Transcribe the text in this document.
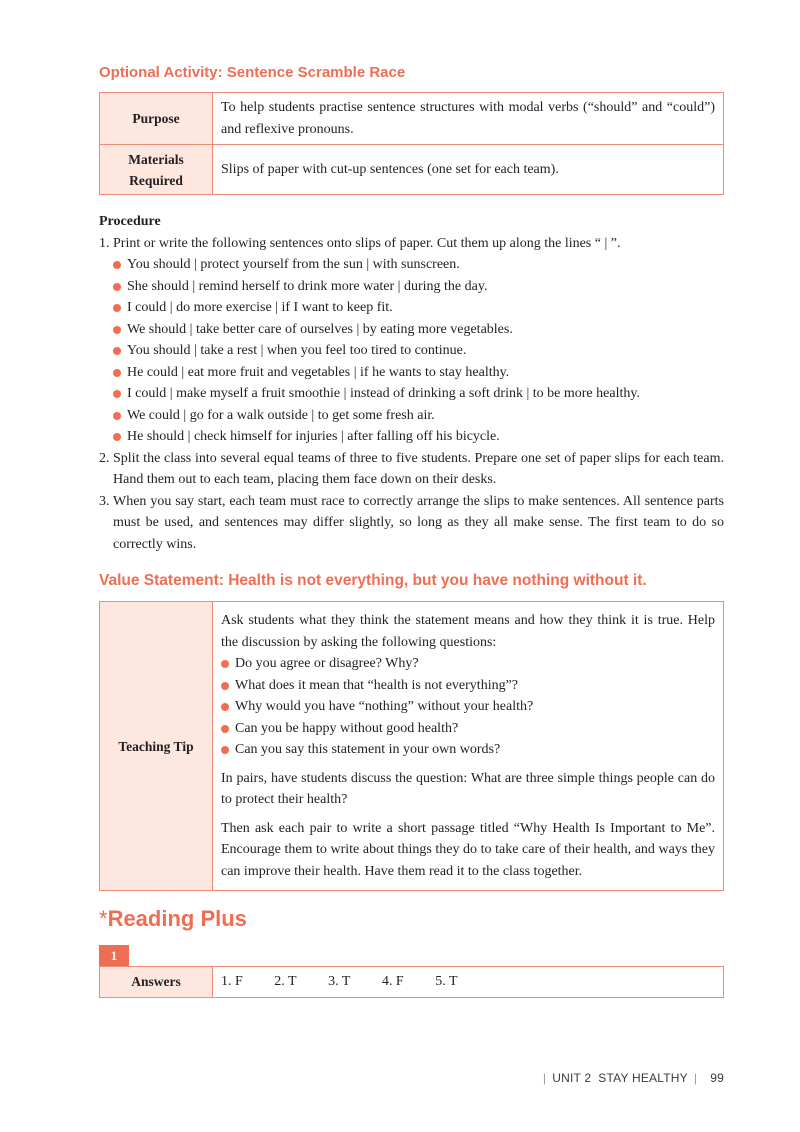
Optional Activity: Sentence Scramble Race
Purpose	To help students practise sentence structures with modal verbs (“should” and “could”) and reflexive pronouns.

Materials
Required	Slips of paper with cut-up sentences (one set for each team).
Procedure
1. Print or write the following sentences onto slips of paper. Cut them up along the lines “ | ”.
You should | protect yourself from the sun | with sunscreen.
She should | remind herself to drink more water | during the day.
I could | do more exercise | if I want to keep fit.
We should | take better care of ourselves | by eating more vegetables.
You should | take a rest | when you feel too tired to continue.
He could | eat more fruit and vegetables | if he wants to stay healthy.
I could | make myself a fruit smoothie | instead of drinking a soft drink | to be more healthy.
We could | go for a walk outside | to get some fresh air.
He should | check himself for injuries | after falling off his bicycle.
2. Split the class into several equal teams of three to five students. Prepare one set of paper slips for each team. Hand them out to each team, placing them face down on their desks.
3. When you say start, each team must race to correctly arrange the slips to make sentences. All sentence parts must be used, and sentences may differ slightly, so long as they all make sense. The first team to do so correctly wins.
Value Statement: Health is not everything, but you have nothing without it.
Teaching Tip	

Ask students what they think the statement means and how they think it is true. Help the discussion by asking the following questions:

Do you agree or disagree? Why?
What does it mean that “health is not everything”?
Why would you have “nothing” without your health?
Can you be happy without good health?
Can you say this statement in your own words?

In pairs, have students discuss the question: What are three simple things people can do to protect their health?

Then ask each pair to write a short passage titled “Why Health Is Important to Me”. Encourage them to write about things they do to take care of their health, and ways they can improve their health. Have them read it to the class together.

*Reading Plus
1
Answers	1. F 2. T 3. T 4. F 5. T
| UNIT 2 STAY HEALTHY | 99
